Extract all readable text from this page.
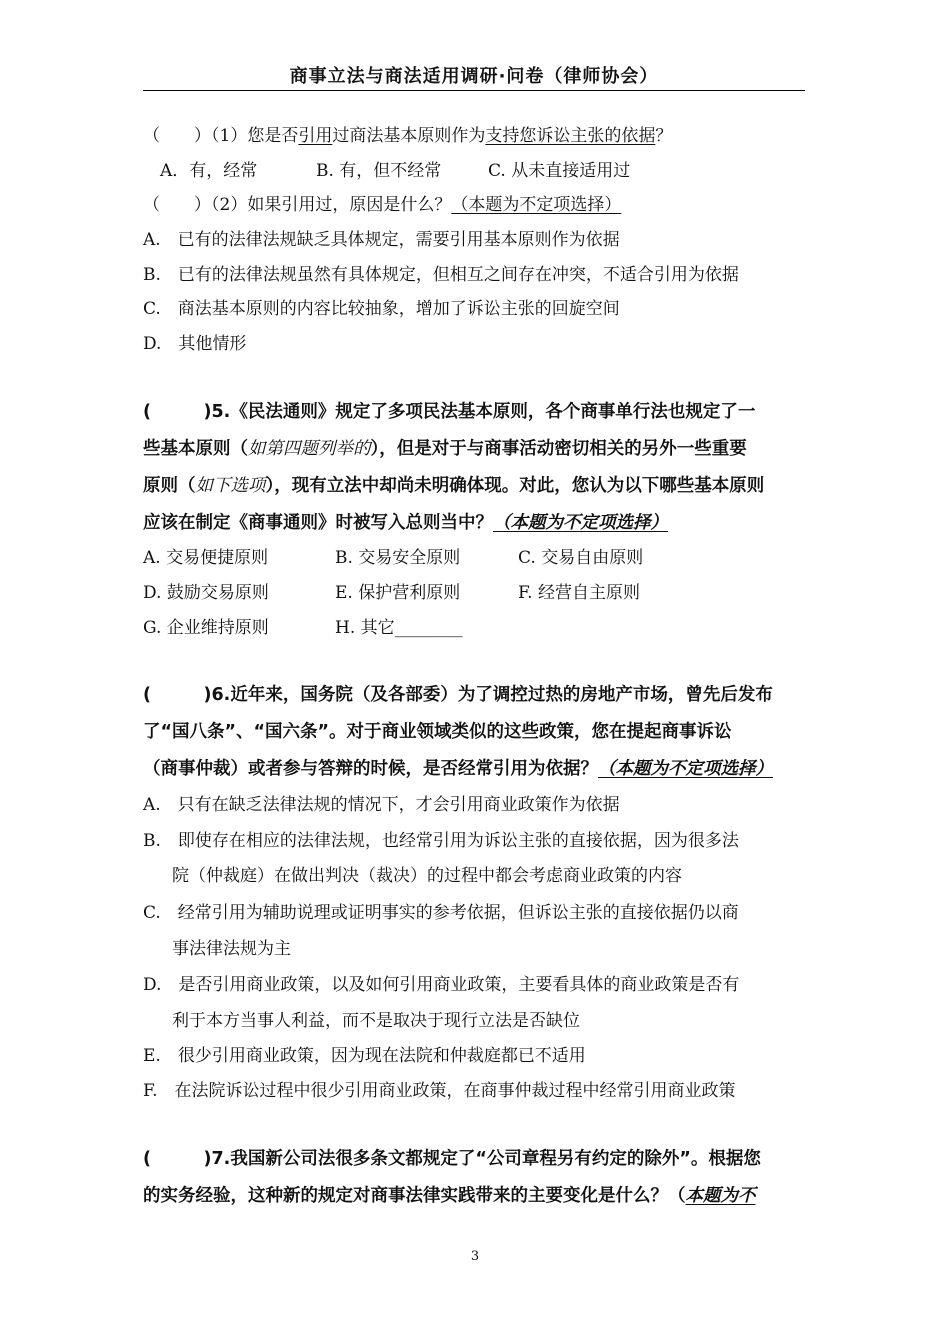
商事立法与商法适用调研·问卷（律师协会）
（　　）（1）您是否引用过商法基本原则作为支持您诉讼主张的依据？
A．有，经常	B. 有，但不经常	C. 从未直接适用过
（　　）（2）如果引用过，原因是什么？（本题为不定项选择）
A.　已有的法律法规缺乏具体规定，需要引用基本原则作为依据
B.　已有的法律法规虽然有具体规定，但相互之间存在冲突，不适合引用为依据
C.　商法基本原则的内容比较抽象，增加了诉讼主张的回旋空间
D.　其他情形
(　　　)5.《民法通则》规定了多项民法基本原则，各个商事单行法也规定了一
些基本原则（如第四题列举的），但是对于与商事活动密切相关的另外一些重要
原则（如下选项），现有立法中却尚未明确体现。对此，您认为以下哪些基本原则
应该在制定《商事通则》时被写入总则当中？（本题为不定项选择）
A. 交易便捷原则	B. 交易安全原则	C. 交易自由原则
D. 鼓励交易原则	E. 保护营利原则	F. 经营自主原则
G. 企业维持原则	H. 其它________
(　　　)6.近年来，国务院（及各部委）为了调控过热的房地产市场，曾先后发布
了“国八条”、“国六条”。对于商业领域类似的这些政策，您在提起商事诉讼
（商事仲裁）或者参与答辩的时候，是否经常引用为依据？（本题为不定项选择）
A.　只有在缺乏法律法规的情况下，才会引用商业政策作为依据
B.　即使存在相应的法律法规，也经常引用为诉讼主张的直接依据，因为很多法
院（仲裁庭）在做出判决（裁决）的过程中都会考虑商业政策的内容
C.　经常引用为辅助说理或证明事实的参考依据，但诉讼主张的直接依据仍以商
事法律法规为主
D.　是否引用商业政策，以及如何引用商业政策，主要看具体的商业政策是否有
利于本方当事人利益，而不是取决于现行立法是否缺位
E.　很少引用商业政策，因为现在法院和仲裁庭都已不适用
F.　在法院诉讼过程中很少引用商业政策，在商事仲裁过程中经常引用商业政策
(　　　)7.我国新公司法很多条文都规定了“公司章程另有约定的除外”。根据您
的实务经验，这种新的规定对商事法律实践带来的主要变化是什么？（本题为不
3
